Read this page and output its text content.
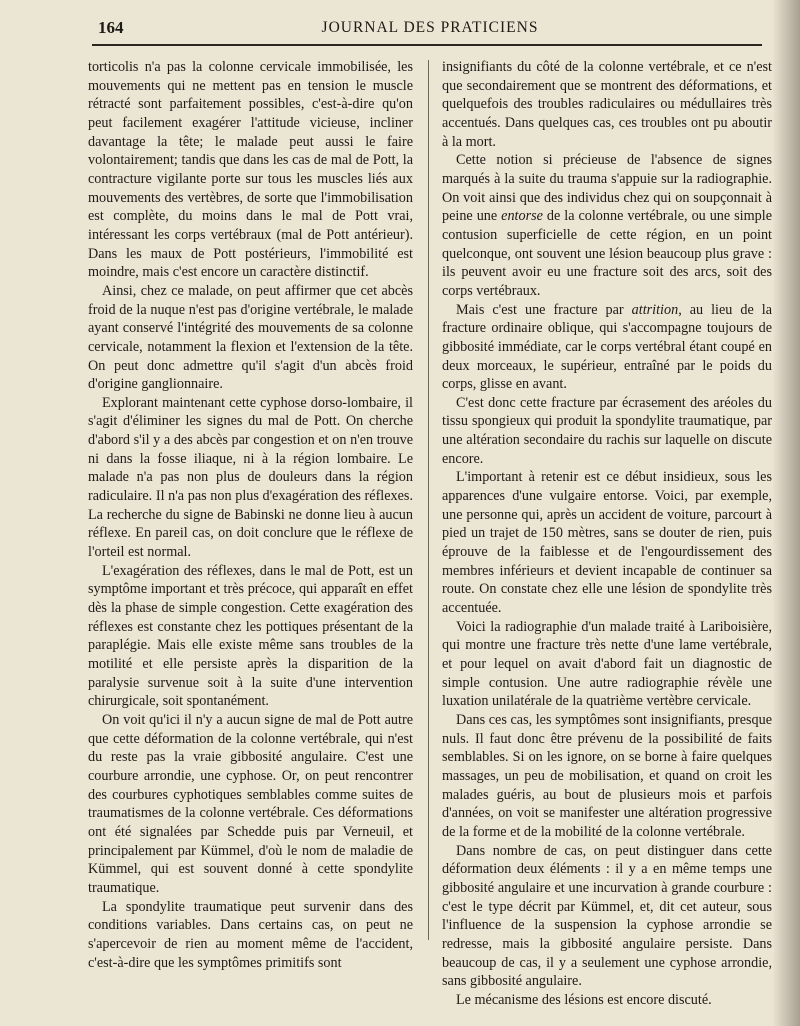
164	JOURNAL DES PRATICIENS

torticolis n'a pas la colonne cervicale immobilisée, les mouvements qui ne mettent pas en tension le muscle rétracté sont parfaitement possibles, c'est-à-dire qu'on peut facilement exagérer l'attitude vicieuse, incliner davantage la tête; le malade peut aussi le faire volontairement; tandis que dans les cas de mal de Pott, la contracture vigilante porte sur tous les muscles liés aux mouvements des vertèbres, de sorte que l'immobilisation est complète, du moins dans le mal de Pott vrai, intéressant les corps vertébraux (mal de Pott antérieur). Dans les maux de Pott postérieurs, l'immobilité est moindre, mais c'est encore un caractère distinctif.

Ainsi, chez ce malade, on peut affirmer que cet abcès froid de la nuque n'est pas d'origine vertébrale, le malade ayant conservé l'intégrité des mouvements de sa colonne cervicale, notamment la flexion et l'extension de la tête. On peut donc admettre qu'il s'agit d'un abcès froid d'origine ganglionnaire.

Explorant maintenant cette cyphose dorso-lombaire, il s'agit d'éliminer les signes du mal de Pott. On cherche d'abord s'il y a des abcès par congestion et on n'en trouve ni dans la fosse iliaque, ni à la région lombaire. Le malade n'a pas non plus de douleurs dans la région radiculaire. Il n'a pas non plus d'exagération des réflexes. La recherche du signe de Babinski ne donne lieu à aucun réflexe. En pareil cas, on doit conclure que le réflexe de l'orteil est normal.

L'exagération des réflexes, dans le mal de Pott, est un symptôme important et très précoce, qui apparaît en effet dès la phase de simple congestion. Cette exagération des réflexes est constante chez les pottiques présentant de la paraplégie. Mais elle existe même sans troubles de la motilité et elle persiste après la disparition de la paralysie survenue soit à la suite d'une intervention chirurgicale, soit spontanément.

On voit qu'ici il n'y a aucun signe de mal de Pott autre que cette déformation de la colonne vertébrale, qui n'est du reste pas la vraie gibbosité angulaire. C'est une courbure arrondie, une cyphose. Or, on peut rencontrer des courbures cyphotiques semblables comme suites de traumatismes de la colonne vertébrale. Ces déformations ont été signalées par Schedde puis par Verneuil, et principalement par Kümmel, d'où le nom de maladie de Kümmel, qui est souvent donné à cette spondylite traumatique.

La spondylite traumatique peut survenir dans des conditions variables. Dans certains cas, on peut ne s'apercevoir de rien au moment même de l'accident, c'est-à-dire que les symptômes primitifs sont

insignifiants du côté de la colonne vertébrale, et ce n'est que secondairement que se montrent des déformations, et quelquefois des troubles radiculaires ou médullaires très accentués. Dans quelques cas, ces troubles ont pu aboutir à la mort.

Cette notion si précieuse de l'absence de signes marqués à la suite du trauma s'appuie sur la radiographie. On voit ainsi que des individus chez qui on soupçonnait à peine une entorse de la colonne vertébrale, ou une simple contusion superficielle de cette région, en un point quelconque, ont souvent une lésion beaucoup plus grave : ils peuvent avoir eu une fracture soit des arcs, soit des corps vertébraux.

Mais c'est une fracture par attrition, au lieu de la fracture ordinaire oblique, qui s'accompagne toujours de gibbosité immédiate, car le corps vertébral étant coupé en deux morceaux, le supérieur, entraîné par le poids du corps, glisse en avant.

C'est donc cette fracture par écrasement des aréoles du tissu spongieux qui produit la spondylite traumatique, par une altération secondaire du rachis sur laquelle on discute encore.

L'important à retenir est ce début insidieux, sous les apparences d'une vulgaire entorse. Voici, par exemple, une personne qui, après un accident de voiture, parcourt à pied un trajet de 150 mètres, sans se douter de rien, puis éprouve de la faiblesse et de l'engourdissement des membres inférieurs et devient incapable de continuer sa route. On constate chez elle une lésion de spondylite très accentuée.

Voici la radiographie d'un malade traité à Lariboisière, qui montre une fracture très nette d'une lame vertébrale, et pour lequel on avait d'abord fait un diagnostic de simple contusion. Une autre radiographie révèle une luxation unilatérale de la quatrième vertèbre cervicale.

Dans ces cas, les symptômes sont insignifiants, presque nuls. Il faut donc être prévenu de la possibilité de faits semblables. Si on les ignore, on se borne à faire quelques massages, un peu de mobilisation, et quand on croit les malades guéris, au bout de plusieurs mois et parfois d'années, on voit se manifester une altération progressive de la forme et de la mobilité de la colonne vertébrale.

Dans nombre de cas, on peut distinguer dans cette déformation deux éléments : il y a en même temps une gibbosité angulaire et une incurvation à grande courbure : c'est le type décrit par Kümmel, et, dit cet auteur, sous l'influence de la suspension la cyphose arrondie se redresse, mais la gibbosité angulaire persiste. Dans beaucoup de cas, il y a seulement une cyphose arrondie, sans gibbosité angulaire.

Le mécanisme des lésions est encore discuté.
